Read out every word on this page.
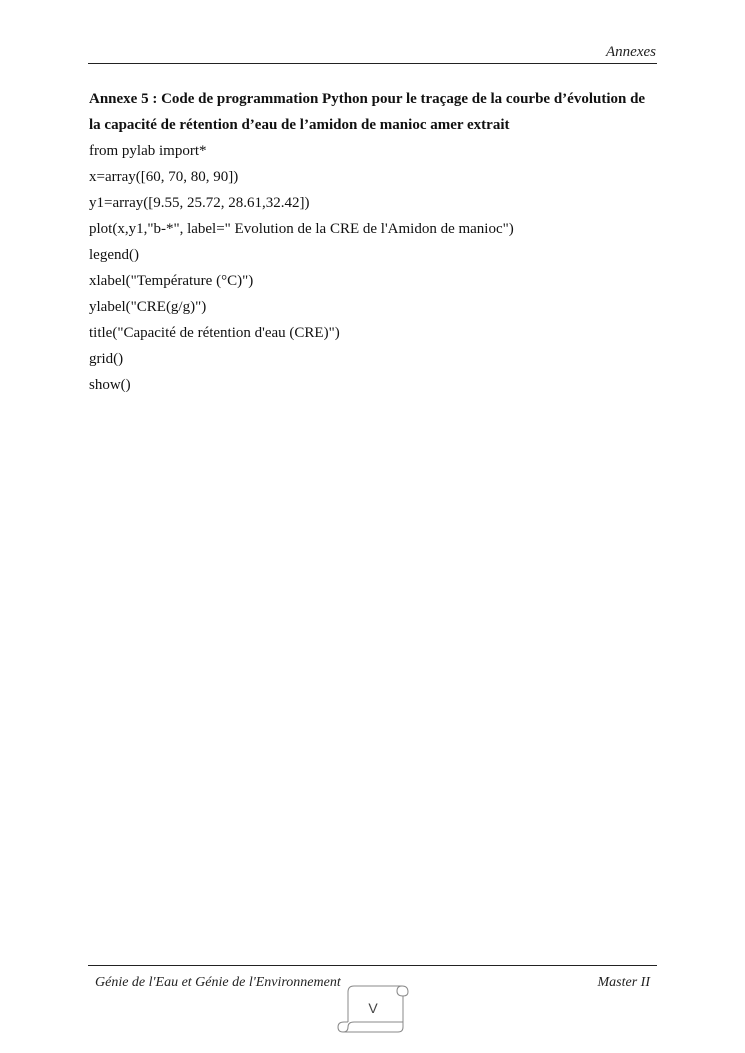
Annexes

Annexe 5 : Code de programmation Python pour le traçage de la courbe d’évolution de

la capacité de rétention d’eau de l’amidon de manioc amer extrait

from pylab import*

x=array([60, 70, 80, 90])

y1=array([9.55, 25.72, 28.61,32.42])

plot(x,y1,"b-*", label=" Evolution de la CRE de l'Amidon de manioc")

legend()

xlabel("Température (°C)")

ylabel("CRE(g/g)")

title("Capacité de rétention d'eau (CRE)")

grid()

show()

Génie de l'Eau et Génie de l'Environnement	Master II
V
